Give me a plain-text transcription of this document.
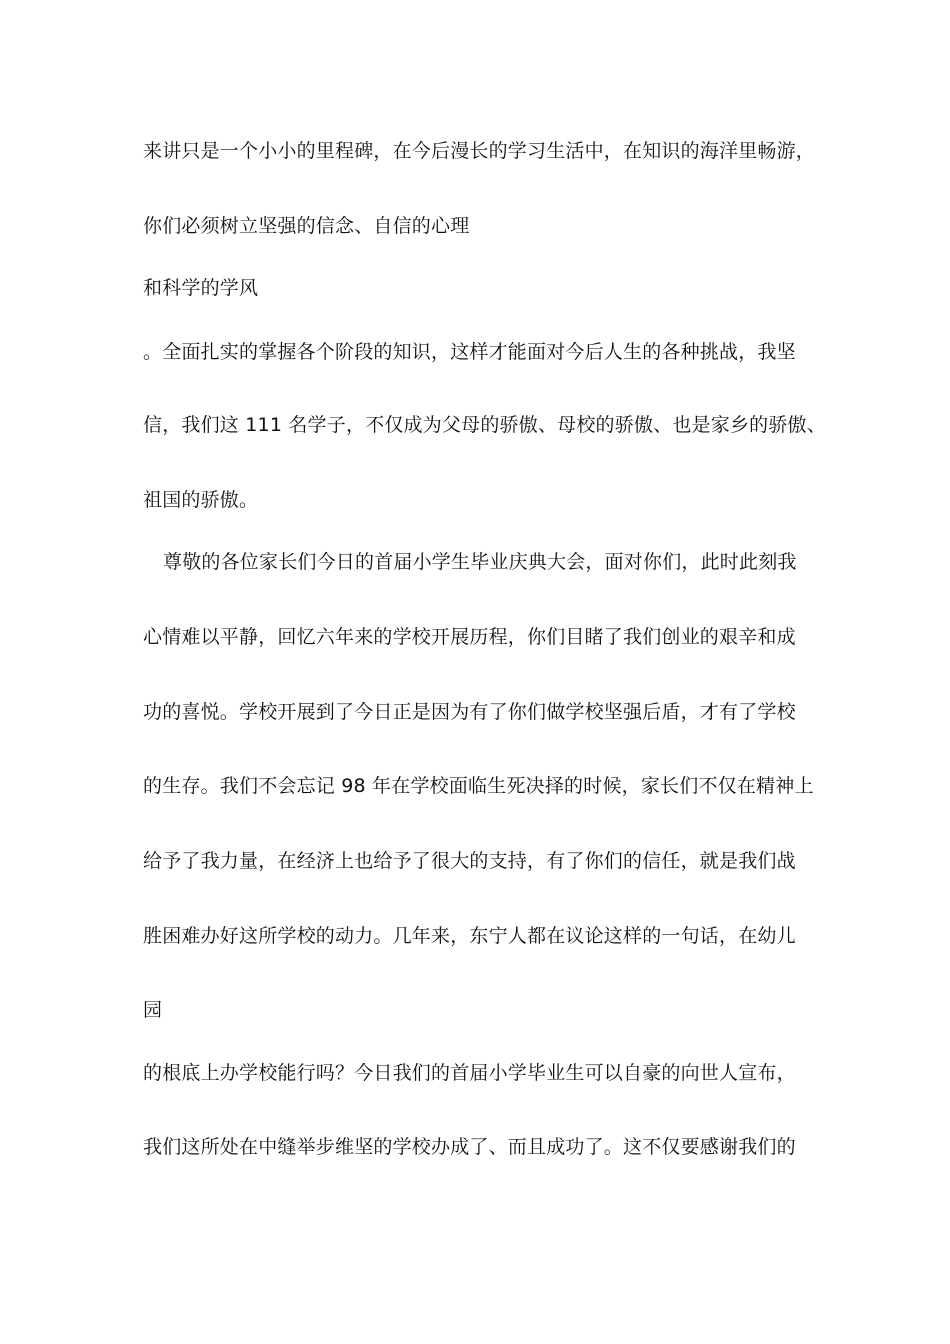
来讲只是一个小小的里程碑，在今后漫长的学习生活中，在知识的海洋里畅游，
你们必须树立坚强的信念、自信的心理
和科学的学风
。全面扎实的掌握各个阶段的知识，这样才能面对今后人生的各种挑战，我坚
信，我们这 111 名学子，不仅成为父母的骄傲、母校的骄傲、也是家乡的骄傲、
祖国的骄傲。
尊敬的各位家长们今日的首届小学生毕业庆典大会，面对你们，此时此刻我
心情难以平静，回忆六年来的学校开展历程，你们目睹了我们创业的艰辛和成
功的喜悦。学校开展到了今日正是因为有了你们做学校坚强后盾，才有了学校
的生存。我们不会忘记 98 年在学校面临生死决择的时候，家长们不仅在精神上
给予了我力量，在经济上也给予了很大的支持，有了你们的信任，就是我们战
胜困难办好这所学校的动力。几年来，东宁人都在议论这样的一句话，在幼儿
园
的根底上办学校能行吗？今日我们的首届小学毕业生可以自豪的向世人宣布，
我们这所处在中缝举步维坚的学校办成了、而且成功了。这不仅要感谢我们的
